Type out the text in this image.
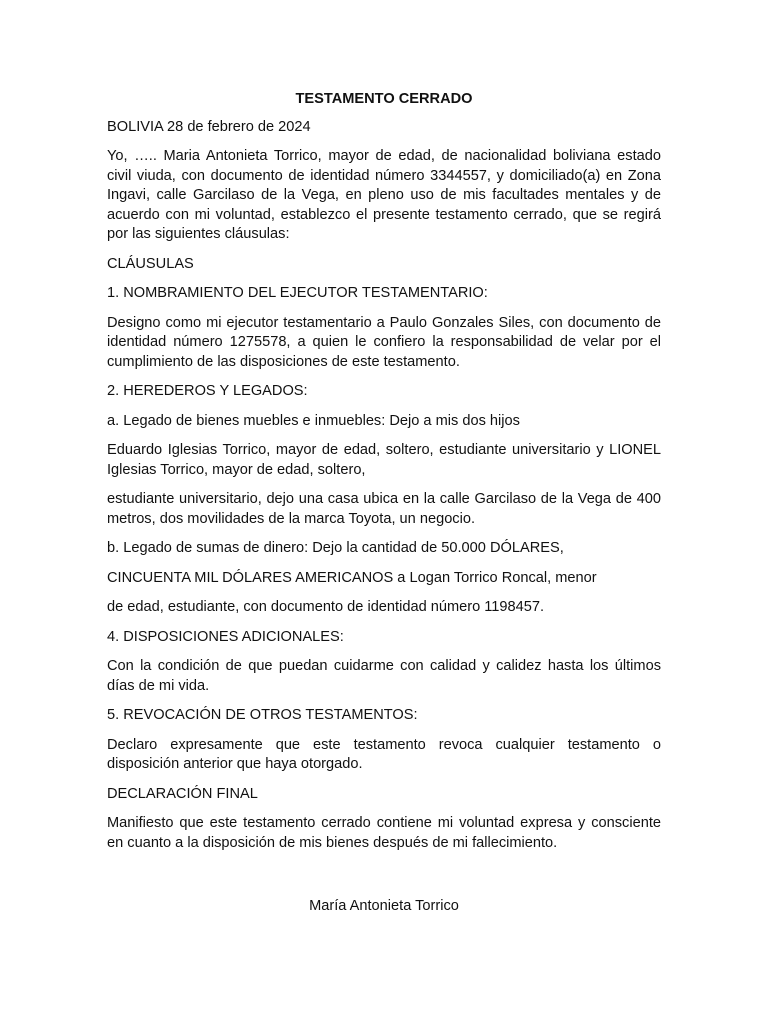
TESTAMENTO CERRADO

BOLIVIA 28 de febrero de 2024

Yo, ….. Maria Antonieta Torrico, mayor de edad, de nacionalidad boliviana estado civil viuda, con documento de identidad número 3344557, y domiciliado(a) en Zona Ingavi, calle Garcilaso de la Vega, en pleno uso de mis facultades mentales y de acuerdo con mi voluntad, establezco el presente testamento cerrado, que se regirá por las siguientes cláusulas:

CLÁUSULAS

1. NOMBRAMIENTO DEL EJECUTOR TESTAMENTARIO:

Designo como mi ejecutor testamentario a Paulo Gonzales Siles, con documento de identidad número 1275578, a quien le confiero la responsabilidad de velar por el cumplimiento de las disposiciones de este testamento.

2. HEREDEROS Y LEGADOS:

a. Legado de bienes muebles e inmuebles: Dejo a mis dos hijos

Eduardo Iglesias Torrico, mayor de edad, soltero, estudiante universitario y LIONEL Iglesias Torrico, mayor de edad, soltero,

estudiante universitario, dejo una casa ubica en la calle Garcilaso de la Vega de 400 metros, dos movilidades de la marca Toyota, un negocio.

b. Legado de sumas de dinero: Dejo la cantidad de 50.000 DÓLARES,

CINCUENTA MIL DÓLARES AMERICANOS a Logan Torrico Roncal, menor

de edad, estudiante, con documento de identidad número 1198457.

4. DISPOSICIONES ADICIONALES:

Con la condición de que puedan cuidarme con calidad y calidez hasta los últimos días de mi vida.

5. REVOCACIÓN DE OTROS TESTAMENTOS:

Declaro expresamente que este testamento revoca cualquier testamento o disposición anterior que haya otorgado.

DECLARACIÓN FINAL

Manifiesto que este testamento cerrado contiene mi voluntad expresa y consciente en cuanto a la disposición de mis bienes después de mi fallecimiento.

María Antonieta Torrico
